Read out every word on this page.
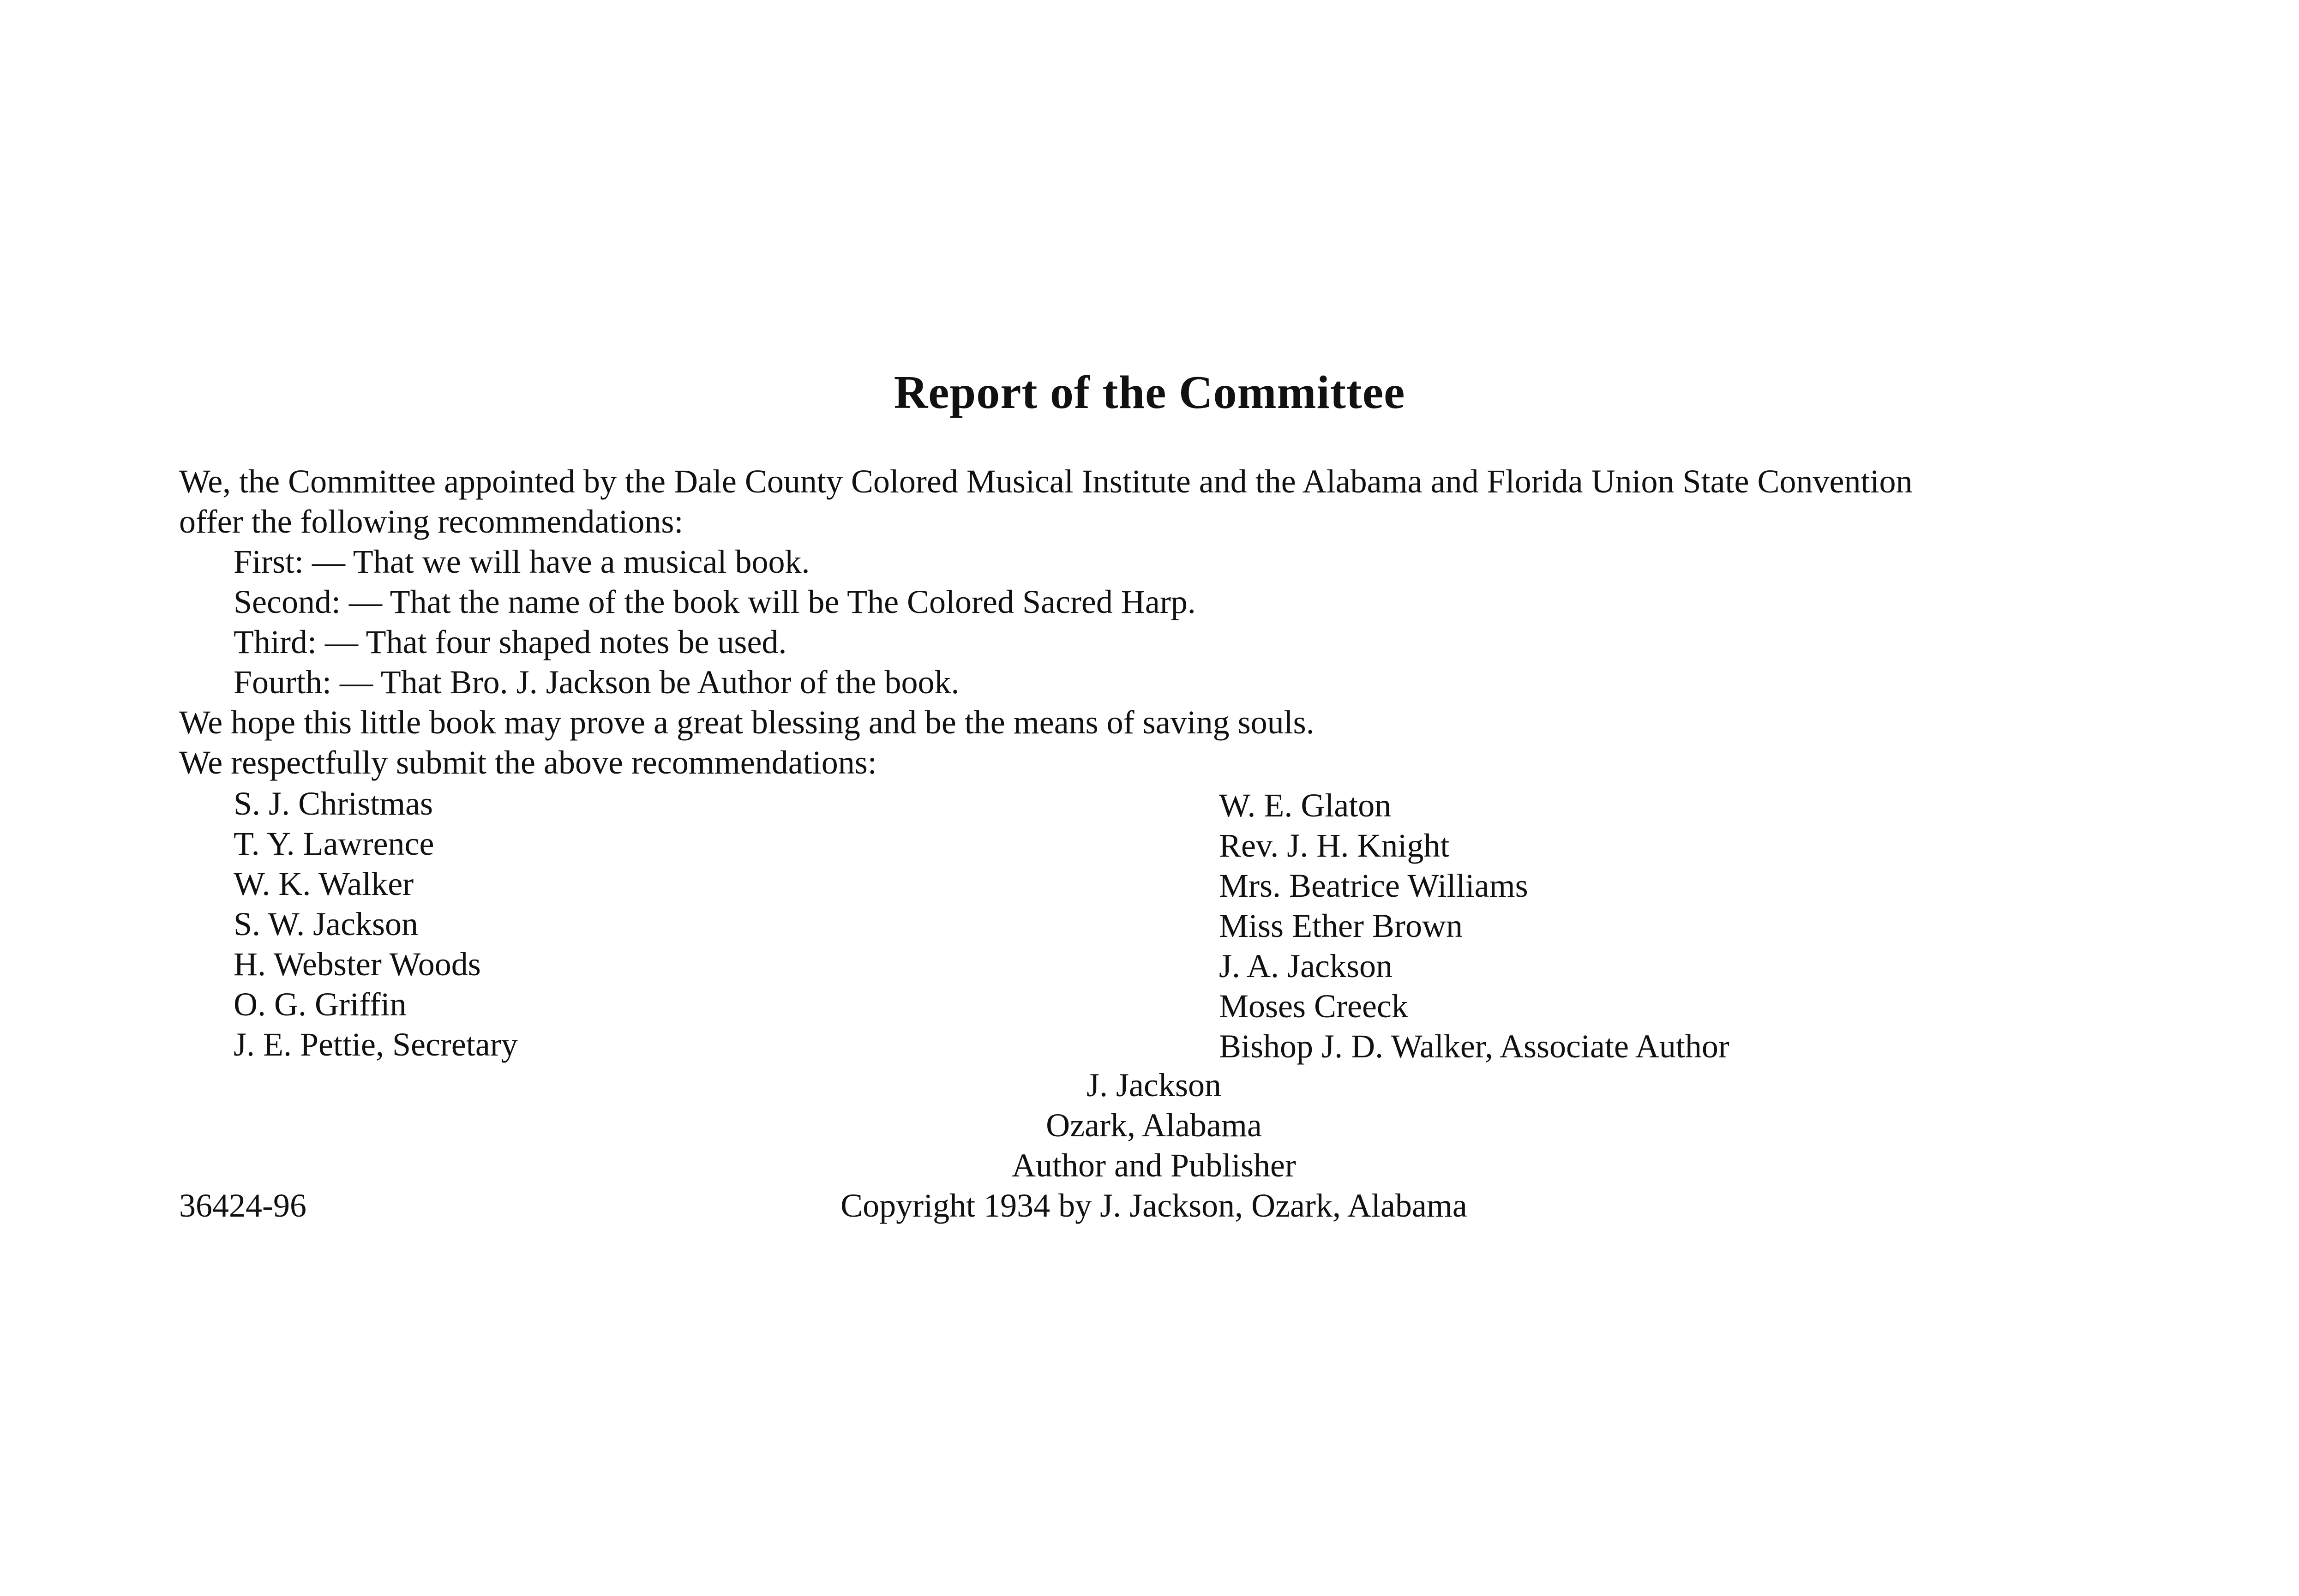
Report of the Committee
We, the Committee appointed by the Dale County Colored Musical Institute and the Alabama and Florida Union State Convention
offer the following recommendations:
First: — That we will have a musical book.
Second: — That the name of the book will be The Colored Sacred Harp.
Third: — That four shaped notes be used.
Fourth: — That Bro. J. Jackson be Author of the book.
We hope this little book may prove a great blessing and be the means of saving souls.
We respectfully submit the above recommendations:
S. J. Christmas
T. Y. Lawrence
W. K. Walker
S. W. Jackson
H. Webster Woods
O. G. Griffin
J. E. Pettie, Secretary
W. E. Glaton
Rev. J. H. Knight
Mrs. Beatrice Williams
Miss Ether Brown
J. A. Jackson
Moses Creeck
Bishop J. D. Walker, Associate Author
J. Jackson
Ozark, Alabama
Author and Publisher
Copyright 1934 by J. Jackson, Ozark, Alabama
36424-96
